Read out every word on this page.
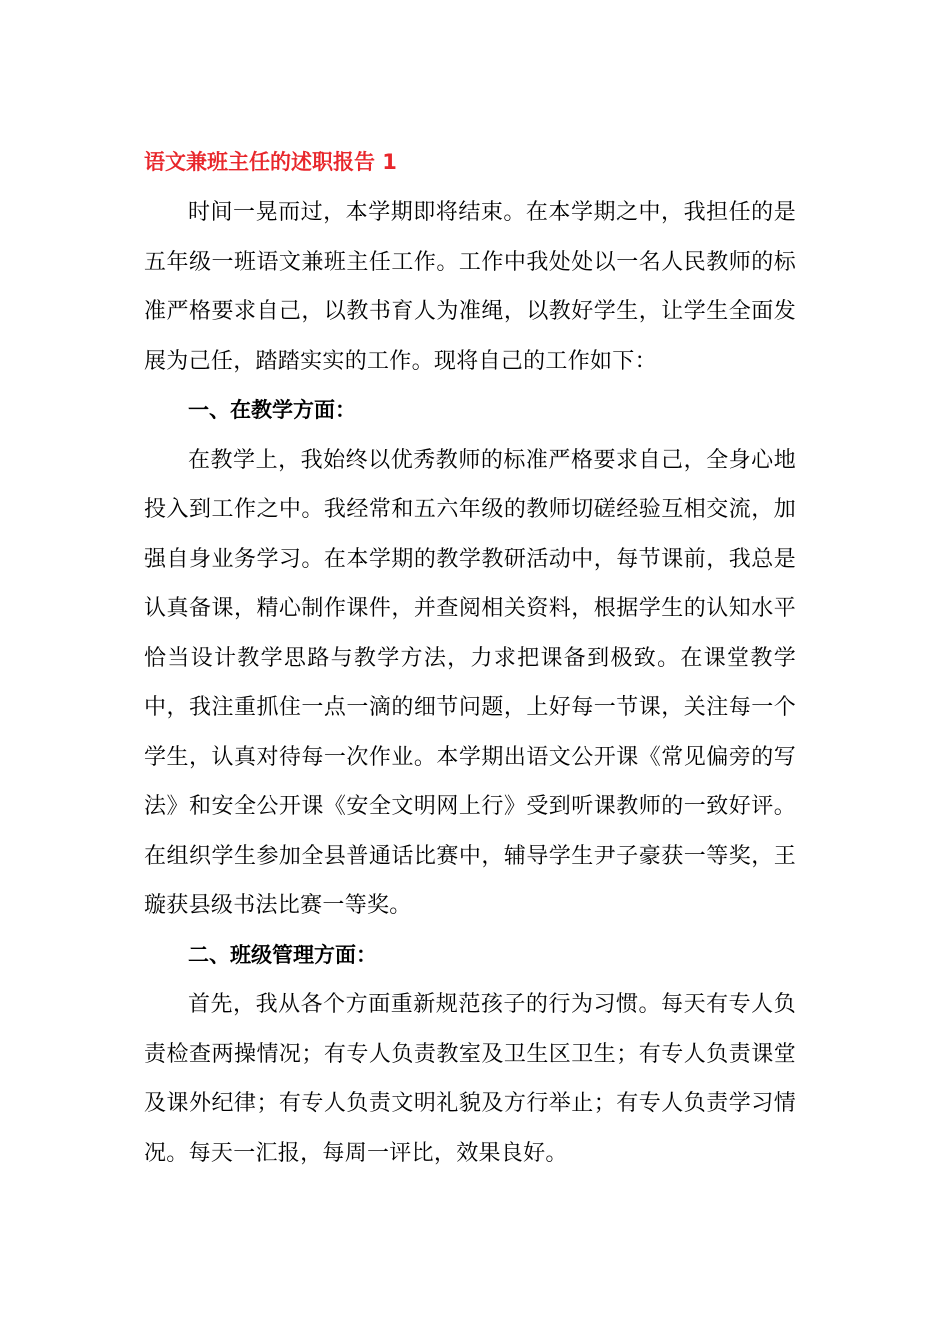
语文兼班主任的述职报告 1

时间一晃而过，本学期即将结束。在本学期之中，我担任的是五年级一班语文兼班主任工作。工作中我处处以一名人民教师的标准严格要求自己，以教书育人为准绳，以教好学生，让学生全面发展为己任，踏踏实实的工作。现将自己的工作如下：

一、在教学方面：

在教学上，我始终以优秀教师的标准严格要求自己，全身心地投入到工作之中。我经常和五六年级的教师切磋经验互相交流，加强自身业务学习。在本学期的教学教研活动中，每节课前，我总是认真备课，精心制作课件，并查阅相关资料，根据学生的认知水平恰当设计教学思路与教学方法，力求把课备到极致。在课堂教学中，我注重抓住一点一滴的细节问题，上好每一节课，关注每一个学生，认真对待每一次作业。本学期出语文公开课《常见偏旁的写法》和安全公开课《安全文明网上行》受到听课教师的一致好评。在组织学生参加全县普通话比赛中，辅导学生尹子豪获一等奖，王璇获县级书法比赛一等奖。

二、班级管理方面：

首先，我从各个方面重新规范孩子的行为习惯。每天有专人负责检查两操情况；有专人负责教室及卫生区卫生；有专人负责课堂及课外纪律；有专人负责文明礼貌及方行举止；有专人负责学习情况。每天一汇报，每周一评比，效果良好。
